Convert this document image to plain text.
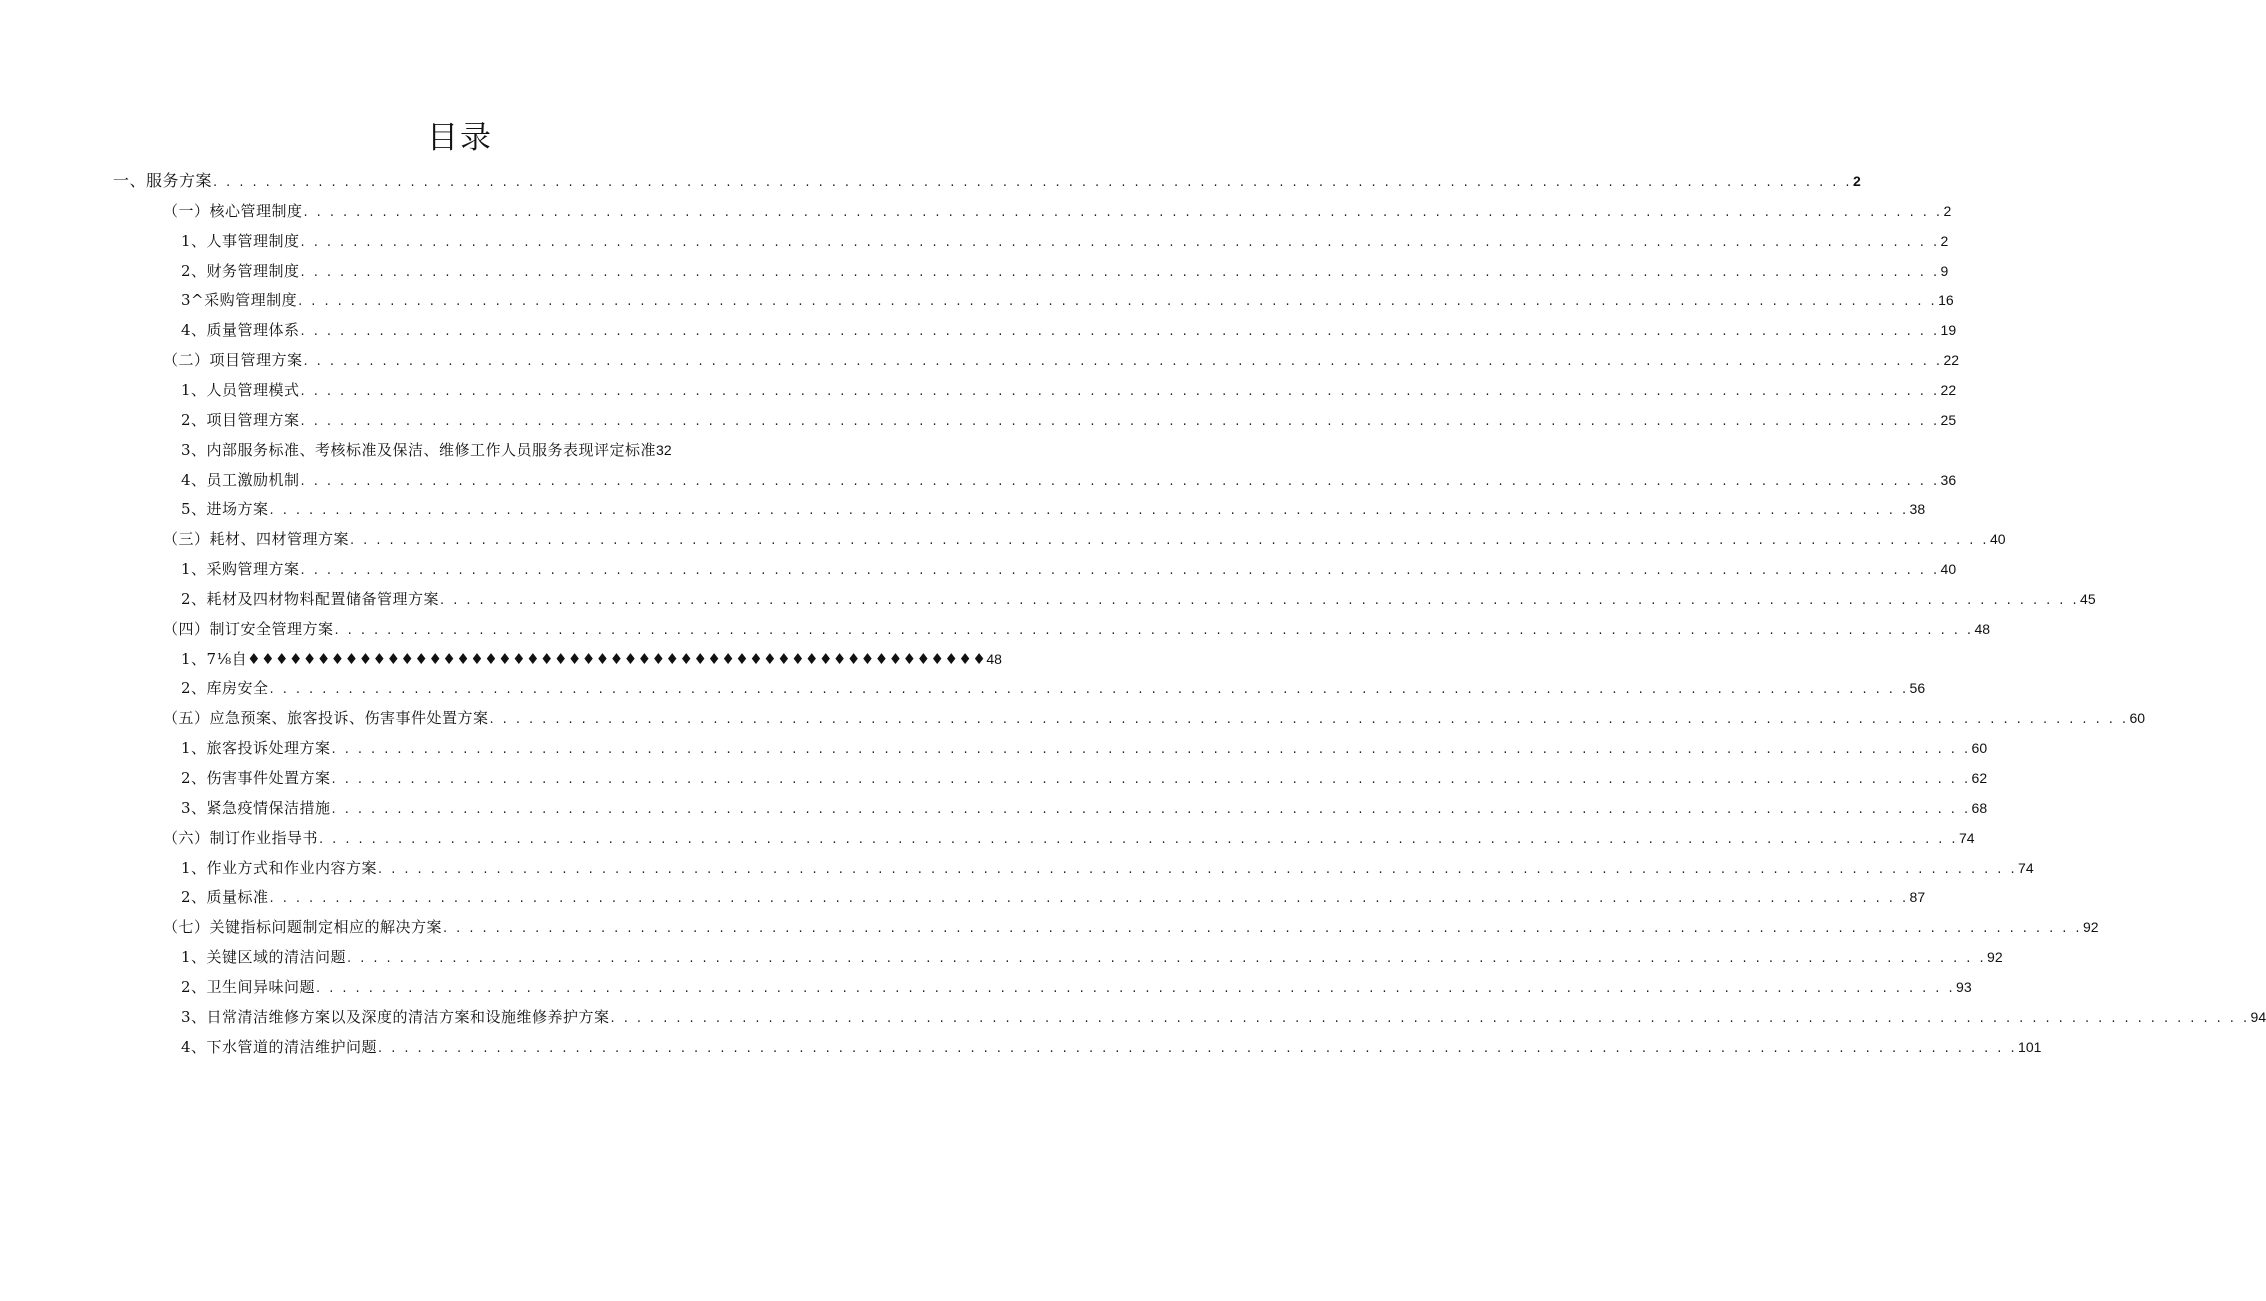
目录
一、服务方案 . . .	2
（一）核心管理制度 . . .	2
1、人事管理制度 . . .	2
2、财务管理制度 . . .	9
3^采购管理制度 . . .	16
4、质量管理体系 . . .	19
（二）项目管理方案 . . .	22
1、人员管理模式 . . .	22
2、项目管理方案 . . .	25
3、内部服务标准、考核标准及保洁、维修工作人员服务表现评定标准 32
4、员工激励机制 . . .	36
5、进场方案 . . .	38
（三）耗材、四材管理方案 . . .	40
1、采购管理方案 . . .	40
2、耗材及四材物料配置储备管理方案 . . .	45
（四）制订安全管理方案 . . .	48
1、7⅛自♦♦♦♦♦♦♦♦♦♦♦♦♦♦♦♦♦♦♦♦♦♦♦♦♦♦♦♦♦♦♦♦♦♦♦♦♦♦♦♦♦♦♦♦♦♦♦♦♦♦♦♦♦ 48
2、库房安全 . . .	56
（五）应急预案、旅客投诉、伤害事件处置方案 . . .	60
1、旅客投诉处理方案 . . .	60
2、伤害事件处置方案 . . .	62
3、紧急疫情保洁措施 . . .	68
（六）制订作业指导书 . . .	74
1、作业方式和作业内容方案 . . .	74
2、质量标准 . . .	87
（七）关键指标问题制定相应的解决方案 . . .	92
1、关键区域的清洁问题 . . .	92
2、卫生间异味问题 . . .	93
3、日常清洁维修方案以及深度的清洁方案和设施维修养护方案 . . .	94
4、下水管道的清洁维护问题 . . .	101
